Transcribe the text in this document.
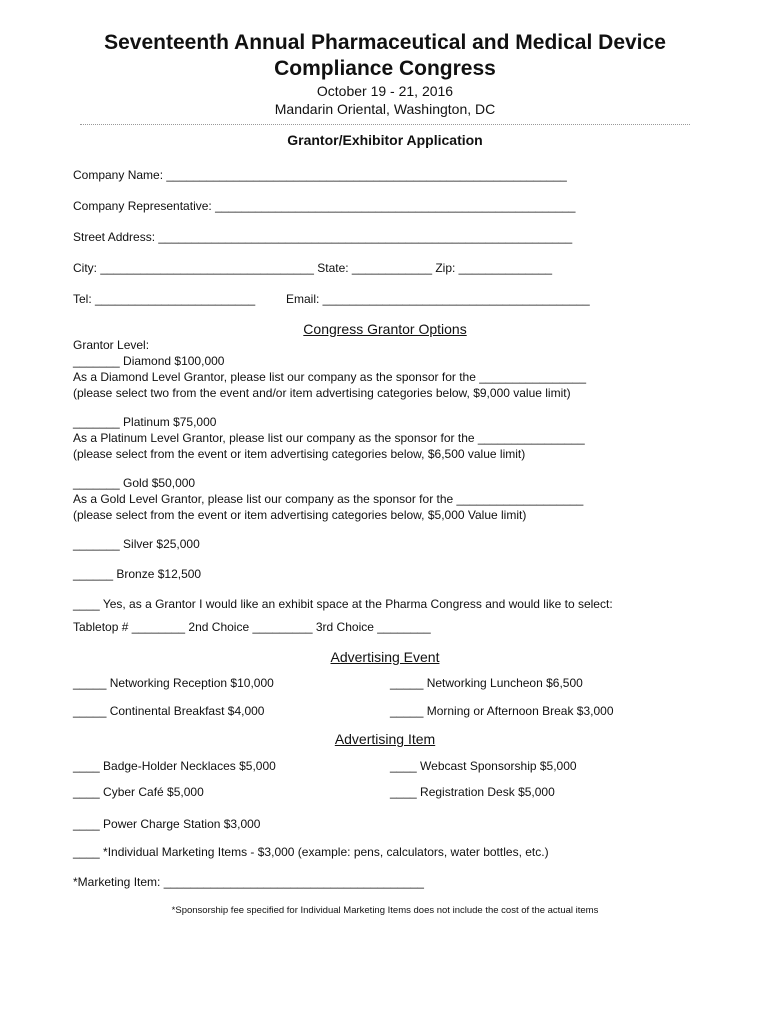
Seventeenth Annual Pharmaceutical and Medical Device
Compliance Congress
October 19 - 21, 2016
Mandarin Oriental, Washington, DC
Grantor/Exhibitor Application
Company Name: ____________________________________________________________
Company Representative: ______________________________________________________
Street Address: ______________________________________________________________
City: ________________________________ State: ____________ Zip: ______________
Tel: ________________________	Email: ________________________________________
Congress Grantor Options
Grantor Level:
_______ Diamond $100,000
As a Diamond Level Grantor, please list our company as the sponsor for the ________________
(please select two from the event and/or item advertising categories below, $9,000 value limit)
_______ Platinum $75,000
As a Platinum Level Grantor, please list our company as the sponsor for the ________________
(please select from the event or item advertising categories below, $6,500 value limit)
_______ Gold $50,000
As a Gold Level Grantor, please list our company as the sponsor for the ___________________
(please select from the event or item advertising categories below, $5,000 Value limit)
_______ Silver $25,000
______ Bronze $12,500
____ Yes, as a Grantor I would like an exhibit space at the Pharma Congress and would like to select:
Tabletop # ________ 2nd Choice _________ 3rd Choice ________
Advertising Event
_____ Networking Reception $10,000	_____ Networking Luncheon $6,500
_____ Continental Breakfast $4,000	_____ Morning or Afternoon Break $3,000
Advertising Item
____ Badge-Holder Necklaces $5,000	____ Webcast Sponsorship $5,000
____ Cyber Café $5,000	____ Registration Desk $5,000
____ Power Charge Station $3,000
____ *Individual Marketing Items - $3,000 (example: pens, calculators, water bottles, etc.)
*Marketing Item: _______________________________________
*Sponsorship fee specified for Individual Marketing Items does not include the cost of the actual items
